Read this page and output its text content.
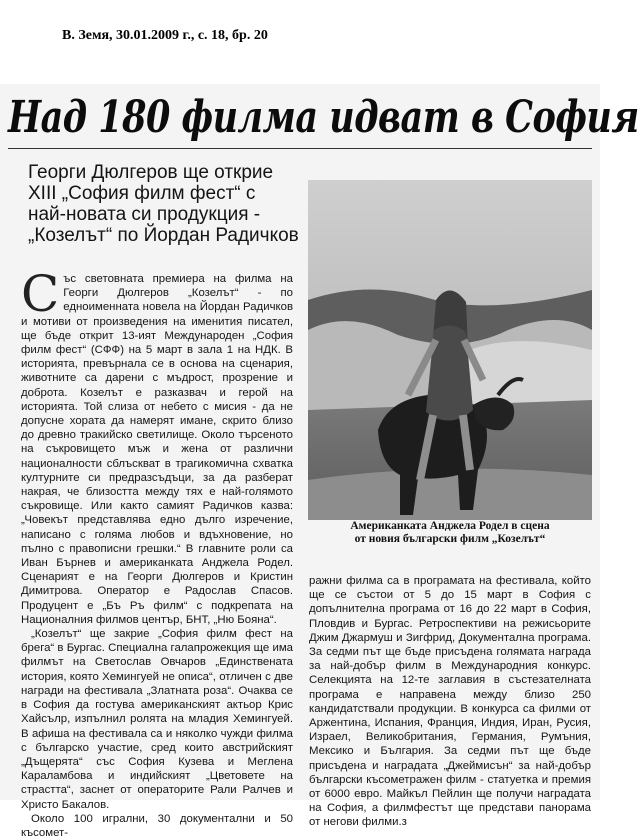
В. Земя, 30.01.2009 г., с. 18, бр. 20
Над 180 филма идват в София
Георги Дюлгеров ще открие
XIII „София филм фест“ с
най-новата си продукция -
„Козелът“ по Йордан Радичков

Със световната премиера на филма на Георги Дюлгеров „Козелът“ - по едноименната новела на Йордан Радичков и мотиви от произведения на именития писател, ще бъде открит 13-ият Международен „София филм фест“ (СФФ) на 5 март в зала 1 на НДК. В историята, превърнала се в основа на сценария, животните са дарени с мъдрост, прозрение и доброта. Козелът е разказвач и герой на историята. Той слиза от небето с мисия - да не допусне хората да намерят имане, скрито близо до древно тракийско светилище. Около търсеното на съкровището мъж и жена от различни националности сблъскват в трагикомична схватка културните си предразсъдъци, за да разберат накрая, че близостта между тях е най-голямото съкровище. Или както самият Радичков казва: „Човекът представлява едно дълго изречение, написано с голяма любов и вдъхновение, но пълно с правописни грешки.“ В главните роли са Иван Бърнев и американката Анджела Родел. Сценарият е на Георги Дюлгеров и Кристин Димитрова. Оператор е Радослав Спасов. Продуцент е „Бъ Ръ филм“ с подкрепата на Националния филмов център, БНТ, „Ню Бояна“.

„Козелът“ ще закрие „София филм фест на брега“ в Бургас. Специална галапрожекция ще има филмът на Светослав Овчаров „Единствената история, която Хемингуей не описа“, отличен с две награди на фестивала „Златната роза“. Очаква се в София да гостува американският актьор Крис Хайсълр, изпълнил ролята на младия Хемингуей. В афиша на фестивала са и няколко чужди филма с българско участие, сред които австрийският „Дъщерята“ със София Кузева и Меглена Караламбова и индийският „Цветовете на страстта“, заснет от операторите Рали Ралчев и Христо Бакалов.

Около 100 игрални, 30 документални и 50 късомет-

Американката Анджела Родел в сцена
от новия български филм „Козелът“

ражни филма са в програмата на фестивала, който ще се състои от 5 до 15 март в София с допълнителна програма от 16 до 22 март в София, Пловдив и Бургас. Ретроспективи на режисьорите Джим Джармуш и Зигфрид, Документална програма. За седми път ще бъде присъдена голямата награда за най-добър филм в Международния конкурс. Селекцията на 12-те заглавия в състезателната програма е направена между близо 250 кандидатствали продукции. В конкурса са филми от Аржентина, Испания, Франция, Индия, Иран, Русия, Израел, Великобритания, Германия, Румъния, Мексико и България. За седми път ще бъде присъдена и наградата „Джеймисън“ за най-добър български късометражен филм - статуетка и премия от 6000 евро. Майкъл Пейлин ще получи наградата на София, а филмфестът ще представи панорама от негови филми.з
